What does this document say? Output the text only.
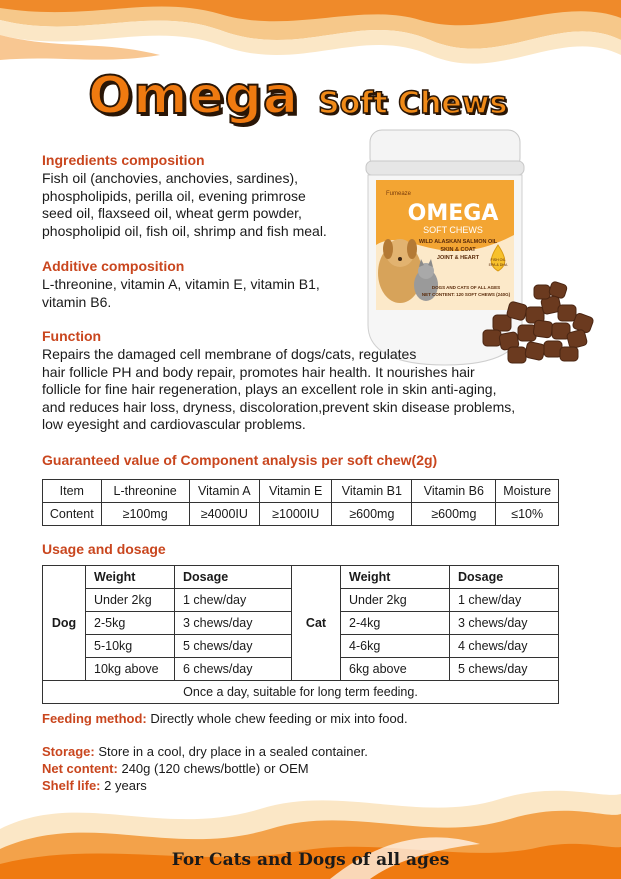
Omega Soft Chews
Fumeaze
OMEGA
SOFT CHEWS
WILD ALASKAN SALMON OIL
SKIN & COAT
JOINT & HEART	FISH OIL
EPA & DHA
DOGS AND CATS OF ALL AGES
NET CONTENT: 120 SOFT CHEWS (240G)

Ingredients composition

Fish oil (anchovies, anchovies, sardines),
phospholipids, perilla oil, evening primrose
seed oil, flaxseed oil, wheat germ powder,
phospholipid oil, fish oil, shrimp and fish meal.

Additive composition

L-threonine, vitamin A, vitamin E, vitamin B1,
vitamin B6.

Function

Repairs the damaged cell membrane of dogs/cats, regulates
hair follicle PH and body repair, promotes hair health. It nourishes hair
follicle for fine hair regeneration, plays an excellent role in skin anti-aging,
and reduces hair loss, dryness, discoloration,prevent skin disease problems,
low eyesight and cardiovascular problems.

Guaranteed value of Component analysis per soft chew(2g)

Item	L-threonine	Vitamin A	Vitamin E	Vitamin B1	Vitamin B6	Moisture
Content	≥100mg	≥4000IU	≥1000IU	≥600mg	≥600mg	≤10%

Usage and dosage

Dog	Weight	Dosage	Cat	Weight	Dosage
	Under 2kg	1 chew/day		Under 2kg	1 chew/day
	2-5kg	3 chews/day		2-4kg	3 chews/day
	5-10kg	5 chews/day		4-6kg	4 chews/day
	10kg above	6 chews/day		6kg above	5 chews/day
Once a day, suitable for long term feeding.					
Feeding method: Directly whole chew feeding or mix into food.
Storage: Store in a cool, dry place in a sealed container.
Net content: 240g (120 chews/bottle) or OEM
Shelf life: 2 years
For Cats and Dogs of all ages
